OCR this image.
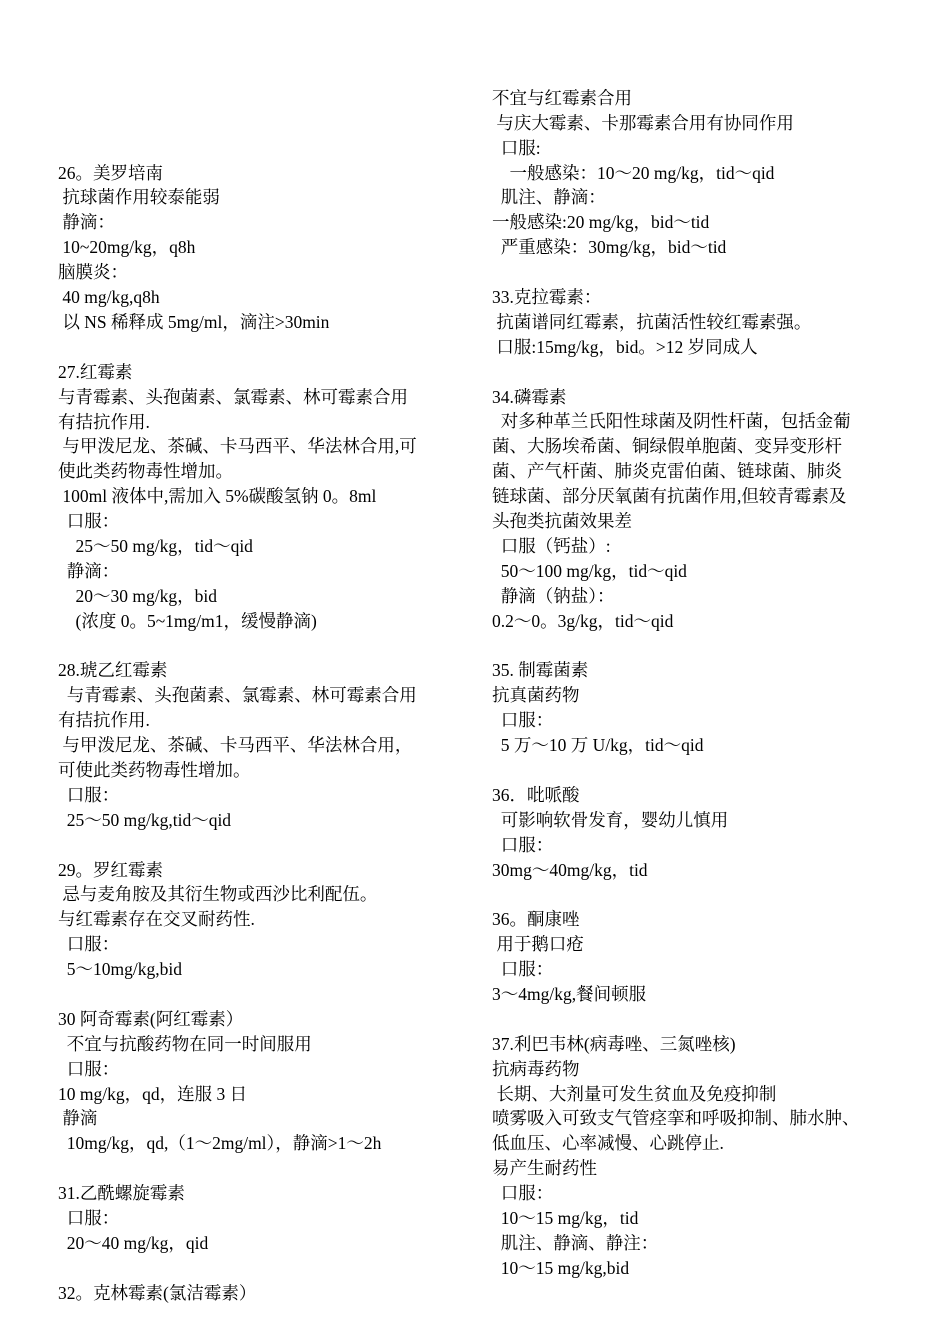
26。美罗培南
抗球菌作用较泰能弱
静滴：
10~20mg/kg，q8h
脑膜炎：
40 mg/kg,q8h
以 NS 稀释成 5mg/ml，滴注>30min
27.红霉素
与青霉素、头孢菌素、氯霉素、林可霉素合用
有拮抗作用.
与甲泼尼龙、茶碱、卡马西平、华法林合用,可
使此类药物毒性增加。
100ml 液体中,需加入 5%碳酸氢钠 0。8ml
口服：
25～50 mg/kg，tid～qid
静滴：
20～30 mg/kg，bid
(浓度 0。5~1mg/m1，缓慢静滴)
28.琥乙红霉素
与青霉素、头孢菌素、氯霉素、林可霉素合用
有拮抗作用.
与甲泼尼龙、茶碱、卡马西平、华法林合用，
可使此类药物毒性增加。
口服：
25～50 mg/kg,tid～qid
29。罗红霉素
忌与麦角胺及其衍生物或西沙比利配伍。
与红霉素存在交叉耐药性.
口服：
5～10mg/kg,bid
30 阿奇霉素(阿红霉素）
不宜与抗酸药物在同一时间服用
口服：
10 mg/kg，qd，连服 3 日
静滴
10mg/kg，qd,（1～2mg/ml），静滴>1～2h
31.乙酰螺旋霉素
口服：
20～40 mg/kg，qid
32。克林霉素(氯洁霉素）
不宜与红霉素合用
与庆大霉素、卡那霉素合用有协同作用
口服:
一般感染：10～20 mg/kg，tid～qid
肌注、静滴：
一般感染:20 mg/kg，bid～tid
严重感染：30mg/kg，bid～tid
33.克拉霉素：
抗菌谱同红霉素，抗菌活性较红霉素强。
口服:15mg/kg，bid。>12 岁同成人
34.磷霉素
对多种革兰氏阳性球菌及阴性杆菌，包括金葡
菌、大肠埃希菌、铜绿假单胞菌、变异变形杆
菌、产气杆菌、肺炎克雷伯菌、链球菌、肺炎
链球菌、部分厌氧菌有抗菌作用,但较青霉素及
头孢类抗菌效果差
口服（钙盐）:
50～100 mg/kg，tid～qid
静滴（钠盐）：
0.2～0。3g/kg，tid～qid
35. 制霉菌素
抗真菌药物
口服：
5 万～10 万 U/kg，tid～qid
36．吡哌酸
可影响软骨发育，婴幼儿慎用
口服：
30mg～40mg/kg，tid
36。酮康唑
用于鹅口疮
口服：
3～4mg/kg,餐间顿服
37.利巴韦林(病毒唑、三氮唑核)
抗病毒药物
长期、大剂量可发生贫血及免疫抑制
喷雾吸入可致支气管痉挛和呼吸抑制、肺水肿、
低血压、心率减慢、心跳停止.
易产生耐药性
口服：
10～15 mg/kg，tid
肌注、静滴、静注：
10～15 mg/kg,bid
